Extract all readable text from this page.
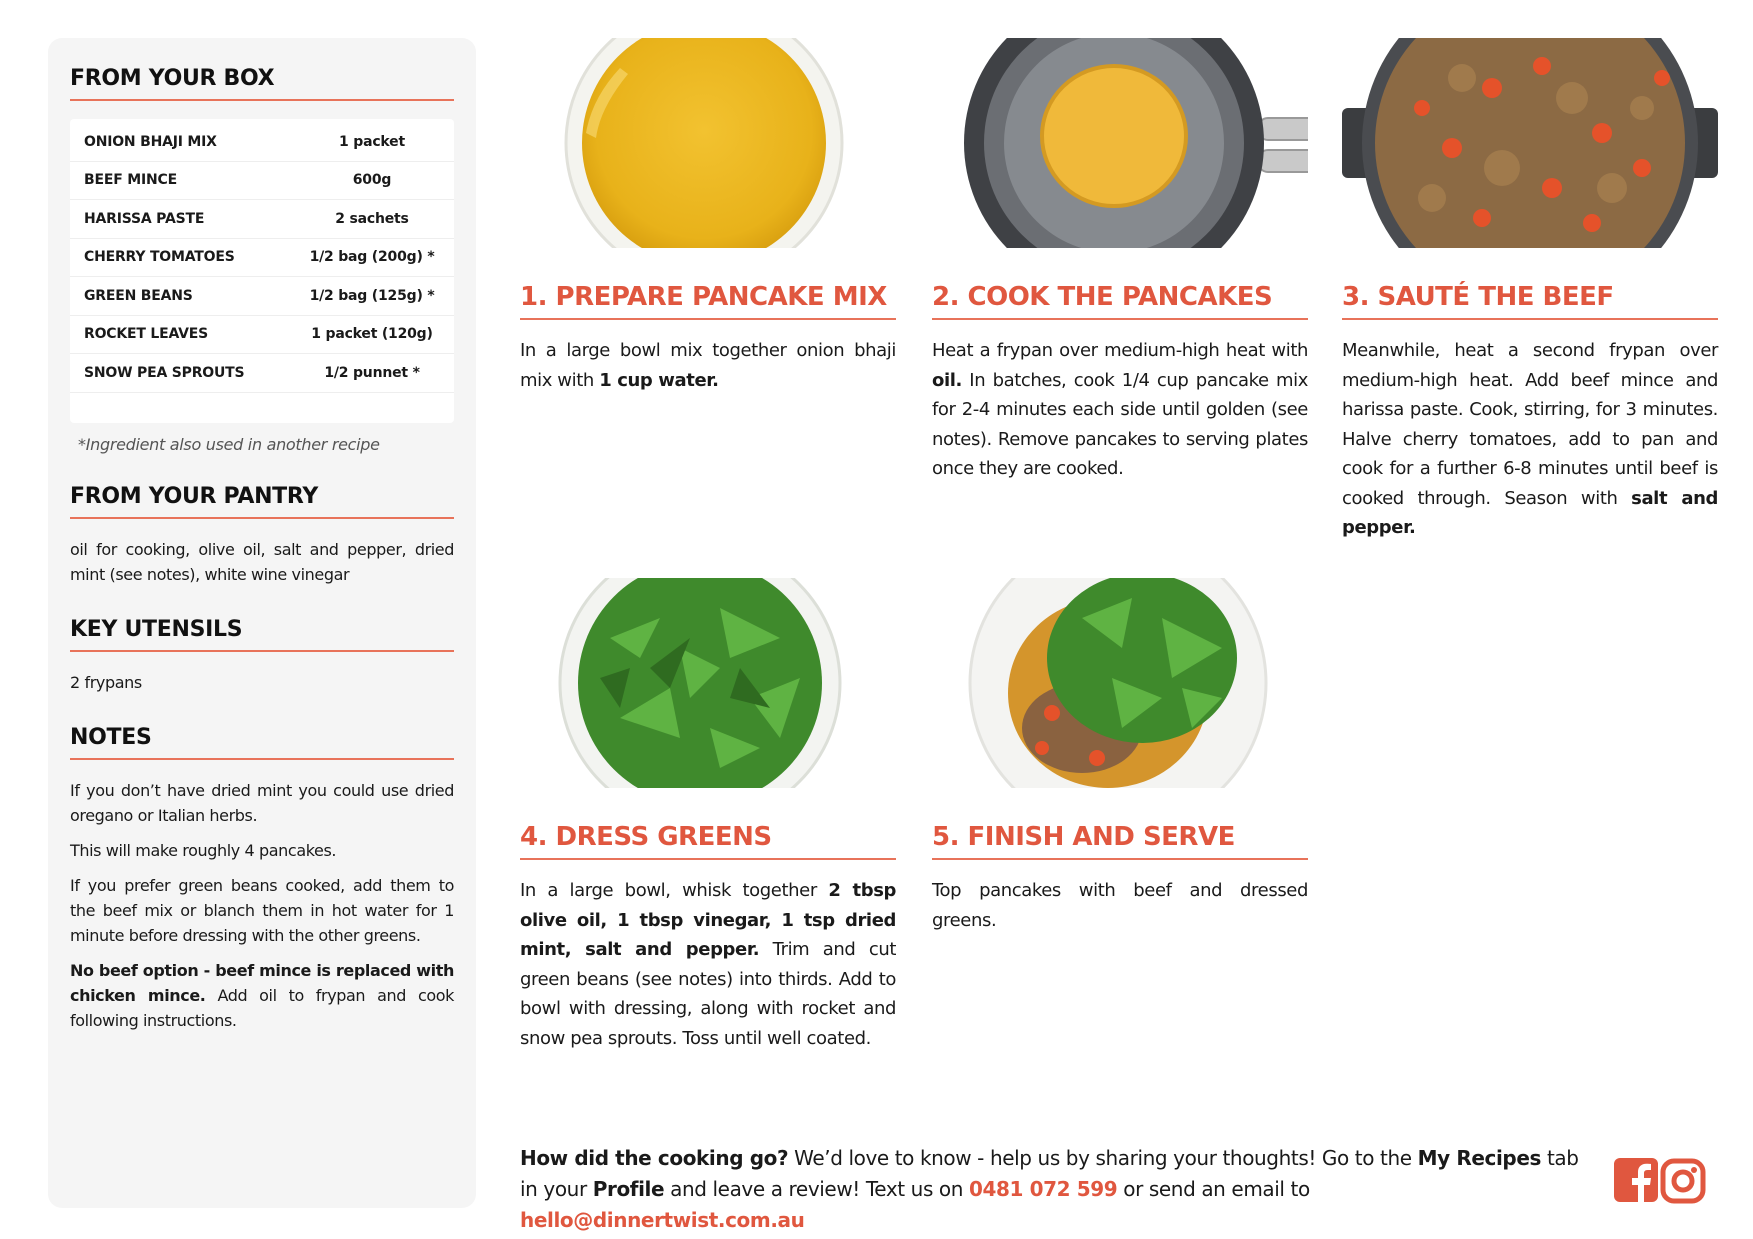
FROM YOUR BOX
ONION BHAJI MIX	1 packet
BEEF MINCE	600g
HARISSA PASTE	2 sachets
CHERRY TOMATOES	1/2 bag (200g) *
GREEN BEANS	1/2 bag (125g) *
ROCKET LEAVES	1 packet (120g)
SNOW PEA SPROUTS	1/2 punnet *
*Ingredient also used in another recipe
FROM YOUR PANTRY

oil for cooking, olive oil, salt and pepper, dried mint (see notes), white wine vinegar

KEY UTENSILS

2 frypans

NOTES

If you don’t have dried mint you could use dried oregano or Italian herbs.

This will make roughly 4 pancakes.

If you prefer green beans cooked, add them to the beef mix or blanch them in hot water for 1 minute before dressing with the other greens.

No beef option - beef mince is replaced with chicken mince. Add oil to frypan and cook following instructions.

1. PREPARE PANCAKE MIX

In a large bowl mix together onion bhaji mix with 1 cup water.

2. COOK THE PANCAKES

Heat a frypan over medium-high heat with oil. In batches, cook 1/4 cup pancake mix for 2-4 minutes each side until golden (see notes). Remove pancakes to serving plates once they are cooked.

3. SAUTÉ THE BEEF

Meanwhile, heat a second frypan over medium-high heat. Add beef mince and harissa paste. Cook, stirring, for 3 minutes. Halve cherry tomatoes, add to pan and cook for a further 6-8 minutes until beef is cooked through. Season with salt and pepper.

4. DRESS GREENS

In a large bowl, whisk together 2 tbsp olive oil, 1 tbsp vinegar, 1 tsp dried mint, salt and pepper. Trim and cut green beans (see notes) into thirds. Add to bowl with dressing, along with rocket and snow pea sprouts. Toss until well coated.

5. FINISH AND SERVE

Top pancakes with beef and dressed greens.

How did the cooking go? We’d love to know - help us by sharing your thoughts! Go to the My Recipes tab in your Profile and leave a review! Text us on 0481 072 599 or send an email to hello@dinnertwist.com.au
